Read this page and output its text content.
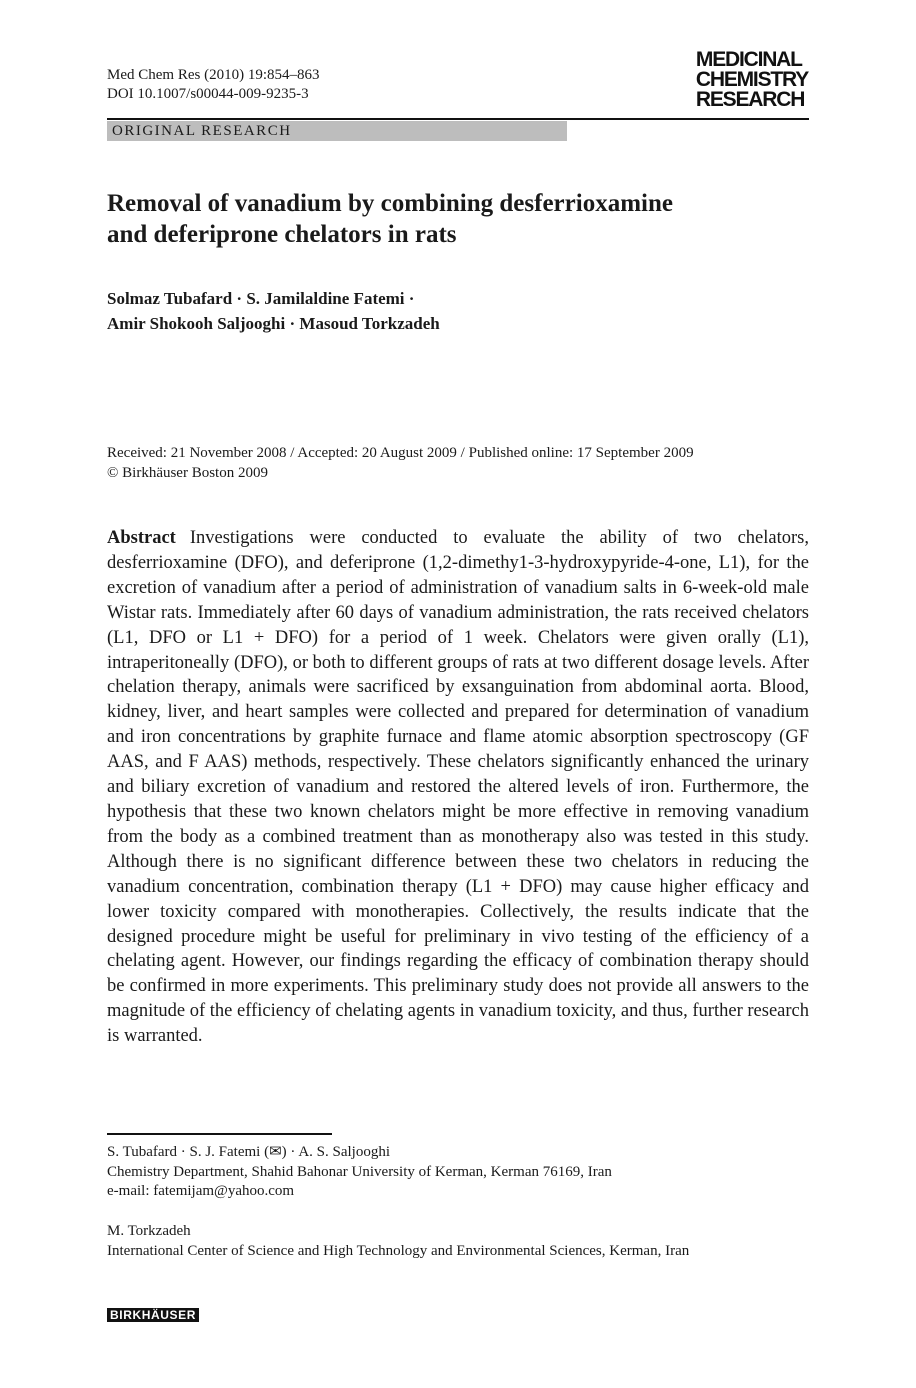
Med Chem Res (2010) 19:854–863
DOI 10.1007/s00044-009-9235-3
MEDICINAL
CHEMISTRY
RESEARCH
ORIGINAL RESEARCH
Removal of vanadium by combining desferrioxamine
and deferiprone chelators in rats
Solmaz Tubafard · S. Jamilaldine Fatemi ·
Amir Shokooh Saljooghi · Masoud Torkzadeh
Received: 21 November 2008 / Accepted: 20 August 2009 / Published online: 17 September 2009
© Birkhäuser Boston 2009

Abstract Investigations were conducted to evaluate the ability of two chelators, desferrioxamine (DFO), and deferiprone (1,2-dimethy1-3-hydroxypyride-4-one, L1), for the excretion of vanadium after a period of administration of vanadium salts in 6-week-old male Wistar rats. Immediately after 60 days of vanadium administration, the rats received chelators (L1, DFO or L1 + DFO) for a period of 1 week. Chelators were given orally (L1), intraperitoneally (DFO), or both to different groups of rats at two different dosage levels. After chelation therapy, animals were sacrificed by exsanguination from abdominal aorta. Blood, kidney, liver, and heart samples were collected and prepared for determination of vanadium and iron concentrations by graphite furnace and flame atomic absorption spectroscopy (GF AAS, and F AAS) methods, respectively. These chelators significantly enhanced the urinary and biliary excretion of vanadium and restored the altered levels of iron. Furthermore, the hypothesis that these two known chelators might be more effective in removing vanadium from the body as a combined treatment than as monotherapy also was tested in this study. Although there is no significant difference between these two chelators in reducing the vanadium concentration, combination therapy (L1 + DFO) may cause higher efficacy and lower toxicity compared with monotherapies. Collectively, the results indicate that the designed procedure might be useful for preliminary in vivo testing of the efficiency of a chelating agent. However, our findings regarding the efficacy of combination therapy should be confirmed in more experiments. This preliminary study does not provide all answers to the magnitude of the efficiency of chelating agents in vanadium toxicity, and thus, further research is warranted.

S. Tubafard · S. J. Fatemi (✉) · A. S. Saljooghi
Chemistry Department, Shahid Bahonar University of Kerman, Kerman 76169, Iran
e-mail: fatemijam@yahoo.com
M. Torkzadeh
International Center of Science and High Technology and Environmental Sciences, Kerman, Iran
BIRKHÄUSER
